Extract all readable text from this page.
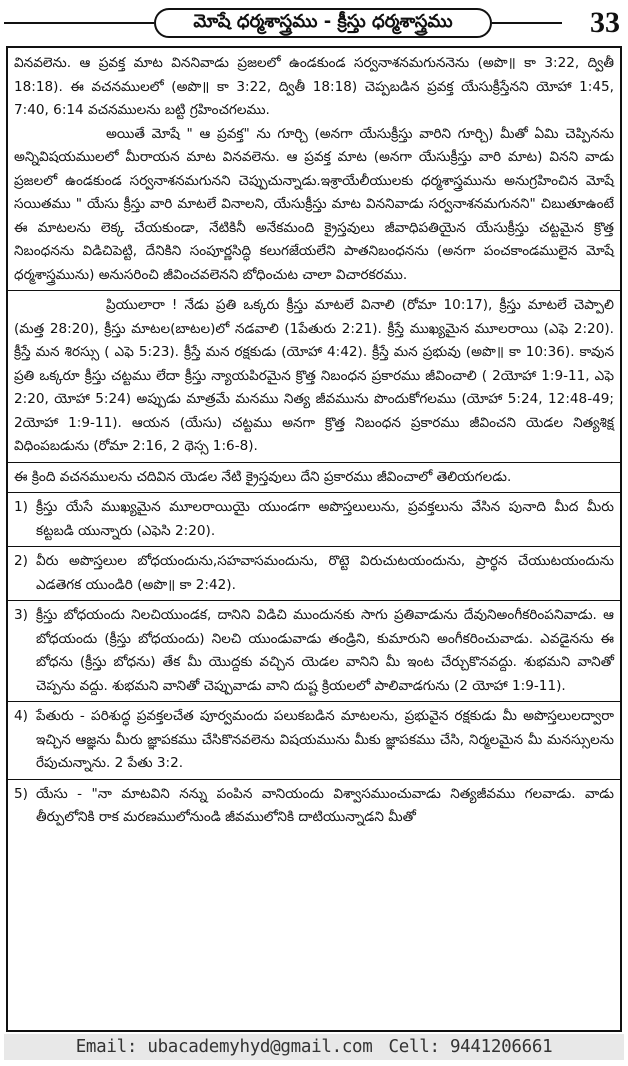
మోషే ధర్మశాస్త్రము - క్రీస్తు ధర్మశాస్త్రము	33

వినవలెను. ఆ ప్రవక్త మాట విననివాడు ప్రజలలో ఉండకుండ సర్వనాశనమగుననెను (అపొ॥ కా 3:22, ద్వితీ 18:18). ఈ వచనములలో (అపొ॥ కా 3:22, ద్వితీ 18:18) చెప్పబడిన ప్రవక్త యేసుక్రీస్తేనని యోహా 1:45, 7:40, 6:14 వచనములను బట్టి గ్రహించగలము.

అయితే మోషే " ఆ ప్రవక్త" ను గూర్చి (అనగా యేసుక్రీస్తు వారిని గూర్చి) మీతో ఏమి చెప్పినను అన్నివిషయములలో మీరాయన మాట వినవలెను. ఆ ప్రవక్త మాట (అనగా యేసుక్రీస్తు వారి మాట) వినని వాడు ప్రజలలో ఉండకుండ సర్వనాశనమగునని చెప్పుచున్నాడు.ఇశ్రాయేలీయులకు ధర్మశాస్త్రమును అనుగ్రహించిన మోషే సయితము " యేసు క్రీస్తు వారి మాటలే వినాలని, యేసుక్రీస్తు మాట విననివాడు సర్వనాశనమగునని" చిబుతూఉంటే ఈ మాటలను లెక్క చేయకుండా, నేటికినీ అనేకమంది క్రైస్తవులు జీవాధిపతియైన యేసుక్రీస్తు చట్టమైన క్రొత్త నిబంధనను విడిచిపెట్టి, దేనికిని సంపూర్ణసిద్ధి కలుగజేయలేని పాతనిబంధనను (అనగా పంచకాండములైన మోషే ధర్మశాస్త్రమును) అనుసరించి జీవించవలెనని బోధించుట చాలా విచారకరము.

ప్రియులారా ! నేడు ప్రతి ఒక్కరు క్రీస్తు మాటలే వినాలి (రోమా 10:17), క్రీస్తు మాటలే చెప్పాలి (మత్త 28:20), క్రీస్తు మాటల(బాటల)లో నడవాలి (1పేతురు 2:21). క్రీస్తే ముఖ్యమైన మూలరాయి (ఎఫె 2:20). క్రీస్తే మన శిరస్సు ( ఎఫె 5:23). క్రీస్తే మన రక్షకుడు (యోహా 4:42). క్రీస్తే మన ప్రభువు (అపొ॥ కా 10:36). కావున ప్రతి ఒక్కరూ క్రీస్తు చట్టము లేదా క్రీస్తు న్యాయపిరమైన క్రొత్త నిబంధన ప్రకారము జీవించాలి ( 2యోహా 1:9-11, ఎఫె 2:20, యోహా 5:24) అప్పుడు మాత్రమే మనము నిత్య జీవమును పొందుకోగలము (యోహా 5:24, 12:48-49; 2యోహా 1:9-11). ఆయన (యేసు) చట్టము అనగా క్రొత్త నిబంధన ప్రకారము జీవించని యెడల నిత్యశిక్ష విధింపబడును (రోమా 2:16, 2 థెస్స 1:6-8).

ఈ క్రింది వచనములను చదివిన యెడల నేటి క్రైస్తవులు దేని ప్రకారము జీవించాలో తెలియగలడు.

1) క్రీస్తు యేసే ముఖ్యమైన మూలరాయియై యుండగా అపొస్తలులును, ప్రవక్తలును వేసిన పునాది మీద మీరు కట్టబడి యున్నారు (ఎఫెసి 2:20).
2) వీరు అపొస్తలుల బోధయందును,సహవాసమందును, రొట్టె విరుచుటయందును, ప్రార్థన చేయుటయందును ఎడతెగక యుండిరి (అపొ॥ కా 2:42).
3) క్రీస్తు బోధయందు నిలచియుండక, దానిని విడిచి ముందునకు సాగు ప్రతివాడును దేవునిఅంగీకరింపనివాడు. ఆ బోధయందు (క్రీస్తు బోధయందు) నిలచి యుండువాడు తండ్రిని, కుమారుని అంగీకరించువాడు. ఎవడైనను ఈ బోధను (క్రీస్తు బోధను) తేక మీ యొద్దకు వచ్చిన యెడల వానిని మీ ఇంట చేర్చుకొనవద్దు. శుభమని వానితో చెప్పను వద్దు. శుభమని వానితో చెప్పువాడు వాని దుష్ట క్రియలలో పాలివాడగును (2 యోహా 1:9-11).
4) పేతురు - పరిశుద్ధ ప్రవక్తలచేత పూర్వమందు పలుకబడిన మాటలను, ప్రభువైన రక్షకుడు మీ అపొస్తలులద్వారా ఇచ్చిన ఆజ్ఞను మీరు జ్ఞాపకము చేసికొనవలెను విషయమును మీకు జ్ఞాపకము చేసి, నిర్మలమైన మీ మనస్సులను రేపుచున్నాను. 2 పేతు 3:2.
5) యేసు - "నా మాటవిని నన్ను పంపిన వానియందు విశ్వాసముంచువాడు నిత్యజీవము గలవాడు. వాడు తీర్పులోనికి రాక మరణములోనుండి జీవములోనికి దాటియున్నాడని మీతో
Email: ubacademyhyd@gmail.com Cell: 9441206661
